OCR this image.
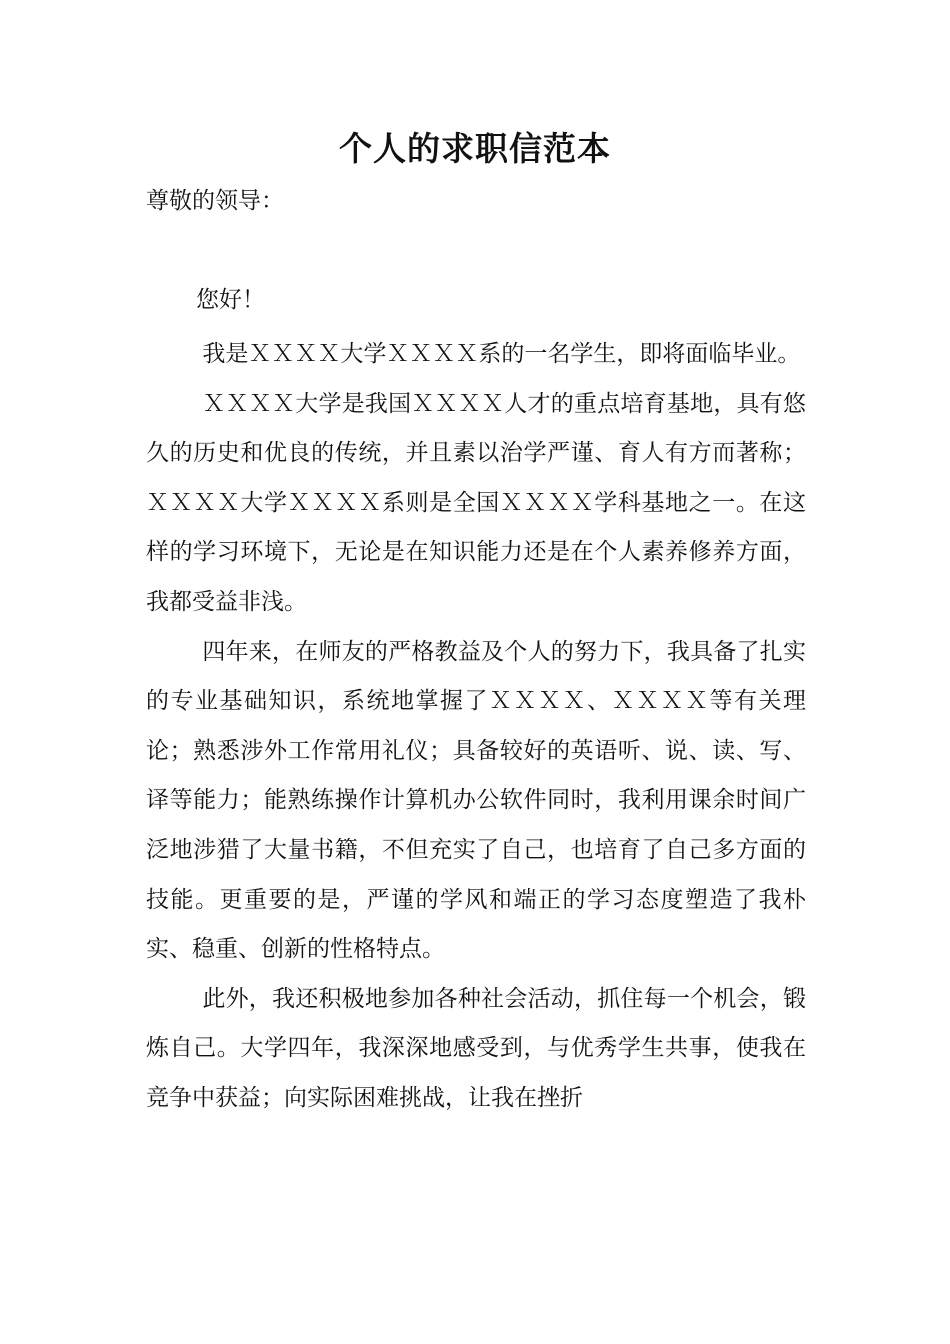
个人的求职信范本
尊敬的领导：
您好！

我是ＸＸＸＸ大学ＸＸＸＸ系的一名学生，即将面临毕业。

ＸＸＸＸ大学是我国ＸＸＸＸ人才的重点培育基地，具有悠久的历史和优良的传统，并且素以治学严谨、育人有方而著称；ＸＸＸＸ大学ＸＸＸＸ系则是全国ＸＸＸＸ学科基地之一。在这样的学习环境下，无论是在知识能力还是在个人素养修养方面，我都受益非浅。

四年来，在师友的严格教益及个人的努力下，我具备了扎实的专业基础知识，系统地掌握了ＸＸＸＸ、ＸＸＸＸ等有关理论；熟悉涉外工作常用礼仪；具备较好的英语听、说、读、写、译等能力；能熟练操作计算机办公软件同时，我利用课余时间广泛地涉猎了大量书籍，不但充实了自己，也培育了自己多方面的技能。更重要的是，严谨的学风和端正的学习态度塑造了我朴实、稳重、创新的性格特点。

此外，我还积极地参加各种社会活动，抓住每一个机会，锻炼自己。大学四年，我深深地感受到，与优秀学生共事，使我在竞争中获益；向实际困难挑战，让我在挫折
